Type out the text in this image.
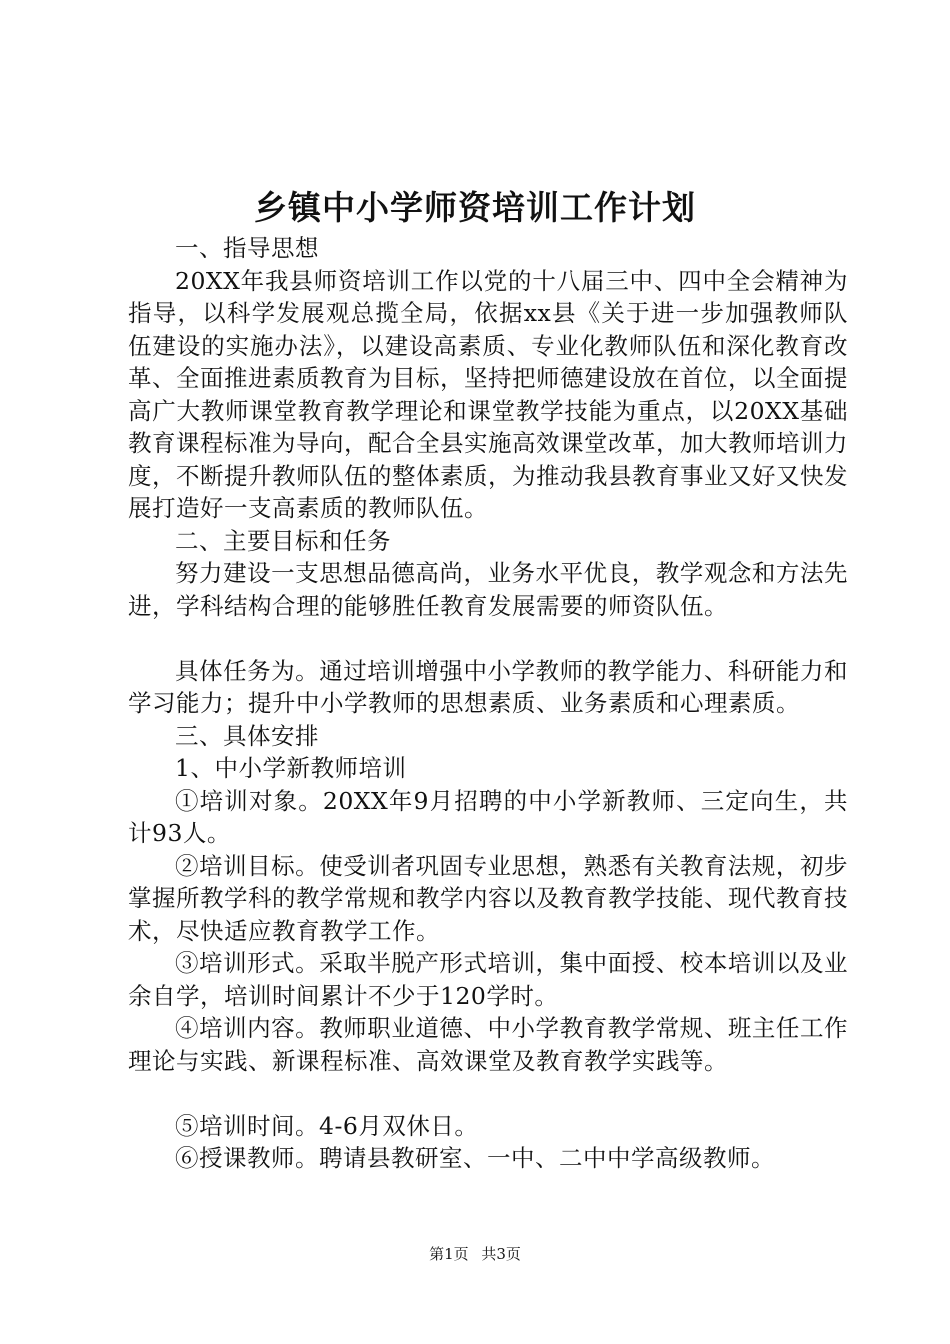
乡镇中小学师资培训工作计划

一、指导思想

20XX年我县师资培训工作以党的十八届三中、四中全会精神为指导，以科学发展观总揽全局，依据xx县《关于进一步加强教师队伍建设的实施办法》，以建设高素质、专业化教师队伍和深化教育改革、全面推进素质教育为目标，坚持把师德建设放在首位，以全面提高广大教师课堂教育教学理论和课堂教学技能为重点，以20XX基础教育课程标准为导向，配合全县实施高效课堂改革，加大教师培训力度，不断提升教师队伍的整体素质，为推动我县教育事业又好又快发展打造好一支高素质的教师队伍。

二、主要目标和任务

努力建设一支思想品德高尚，业务水平优良，教学观念和方法先进，学科结构合理的能够胜任教育发展需要的师资队伍。

具体任务为。通过培训增强中小学教师的教学能力、科研能力和学习能力；提升中小学教师的思想素质、业务素质和心理素质。

三、具体安排

1、中小学新教师培训

①培训对象。20XX年9月招聘的中小学新教师、三定向生，共计93人。

②培训目标。使受训者巩固专业思想，熟悉有关教育法规，初步掌握所教学科的教学常规和教学内容以及教育教学技能、现代教育技术，尽快适应教育教学工作。

③培训形式。采取半脱产形式培训，集中面授、校本培训以及业余自学，培训时间累计不少于120学时。

④培训内容。教师职业道德、中小学教育教学常规、班主任工作理论与实践、新课程标准、高效课堂及教育教学实践等。

⑤培训时间。4-6月双休日。

⑥授课教师。聘请县教研室、一中、二中中学高级教师。

第1页 共3页
